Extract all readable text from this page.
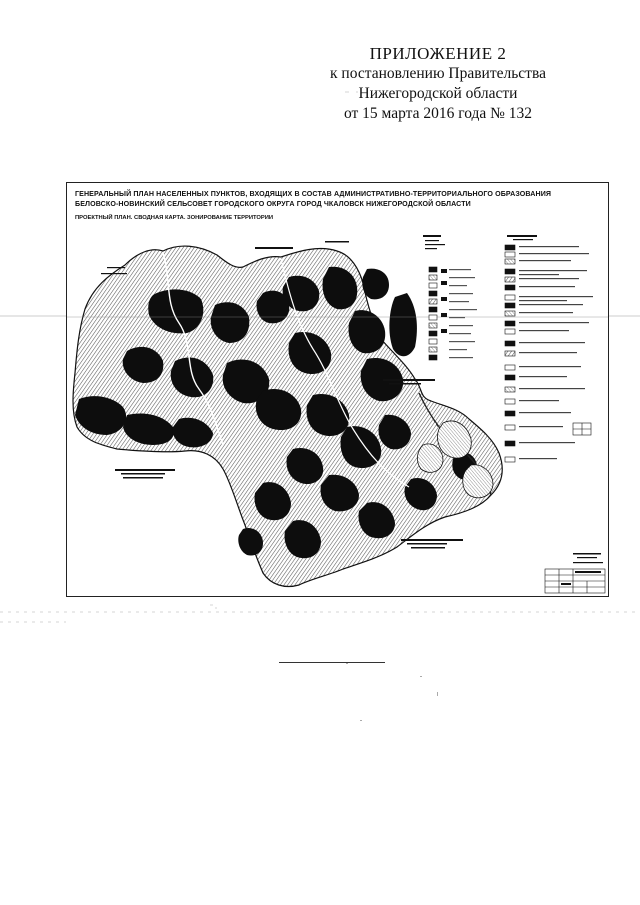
ПРИЛОЖЕНИЕ 2
к постановлению Правительства
Нижегородской области
от 15 марта 2016 года № 132
ГЕНЕРАЛЬНЫЙ ПЛАН НАСЕЛЕННЫХ ПУНКТОВ, ВХОДЯЩИХ В СОСТАВ АДМИНИСТРАТИВНО-ТЕРРИТОРИАЛЬНОГО ОБРАЗОВАНИЯ
БЕЛОВСКО-НОВИНСКИЙ СЕЛЬСОВЕТ ГОРОДСКОГО ОКРУГА ГОРОД ЧКАЛОВСК НИЖЕГОРОДСКОЙ ОБЛАСТИ
ПРОЕКТНЫЙ ПЛАН. СВОДНАЯ КАРТА. ЗОНИРОВАНИЕ ТЕРРИТОРИИ
